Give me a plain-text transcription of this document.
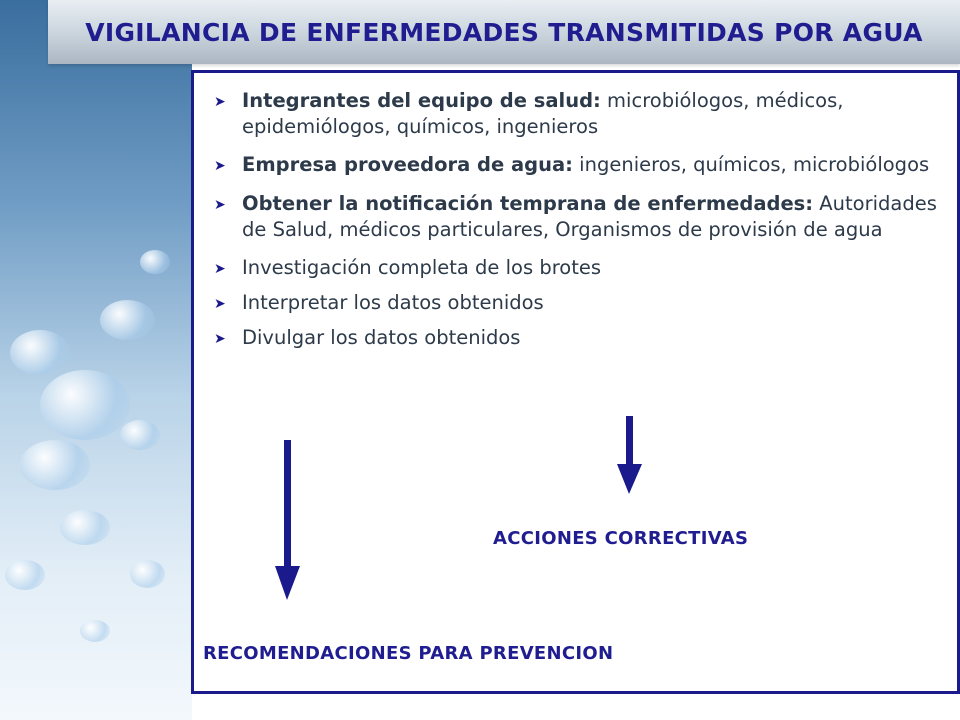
VIGILANCIA DE ENFERMEDADES TRANSMITIDAS POR AGUA
➤ Integrantes del equipo de salud: microbiólogos, médicos, epidemiólogos, químicos, ingenieros
➤ Empresa proveedora de agua: ingenieros, químicos, microbiólogos
➤ Obtener la notificación temprana de enfermedades: Autoridades de Salud, médicos particulares, Organismos de provisión de agua
➤ Investigación completa de los brotes
➤ Interpretar los datos obtenidos
➤ Divulgar los datos obtenidos
ACCIONES CORRECTIVAS
RECOMENDACIONES PARA PREVENCION
